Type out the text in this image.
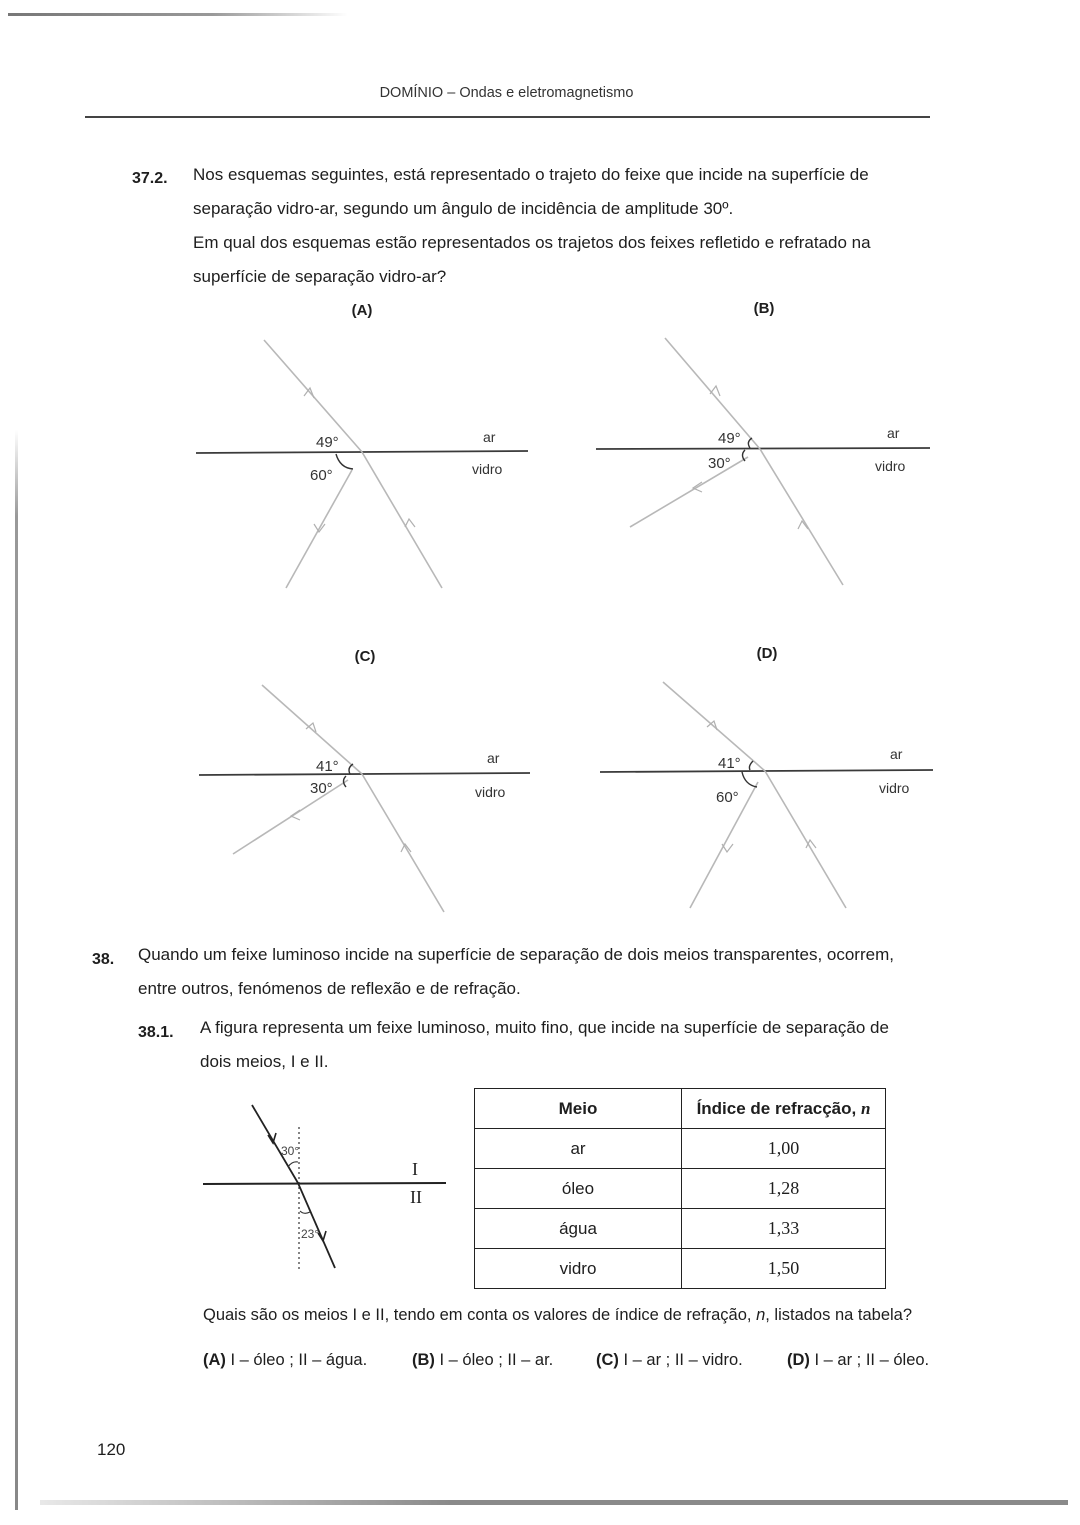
DOMÍNIO – Ondas e eletromagnetismo
37.2. Nos esquemas seguintes, está representado o trajeto do feixe que incide na superfície de
separação vidro-ar, segundo um ângulo de incidência de amplitude 30º.
Em qual dos esquemas estão representados os trajetos dos feixes refletido e refratado na
superfície de separação vidro-ar?
(A)	(B)
(C)	(D)
49°
60°
ar
vidro
49°
30°
ar
vidro
41°
30°
ar
vidro
41°
60°
ar
vidro
38. Quando um feixe luminoso incide na superfície de separação de dois meios transparentes, ocorrem,
entre outros, fenómenos de reflexão e de refração.
38.1. A figura representa um feixe luminoso, muito fino, que incide na superfície de separação de
dois meios, I e II.
30°
23°
I
II
Meio	Índice de refracção, n
ar	1,00
óleo	1,28
água	1,33
vidro	1,50
Quais são os meios I e II, tendo em conta os valores de índice de refração, n, listados na tabela?
(A) I – óleo ; II – água.	(B) I – óleo ; II – ar.	(C) I – ar ; II – vidro.	(D) I – ar ; II – óleo.
120
